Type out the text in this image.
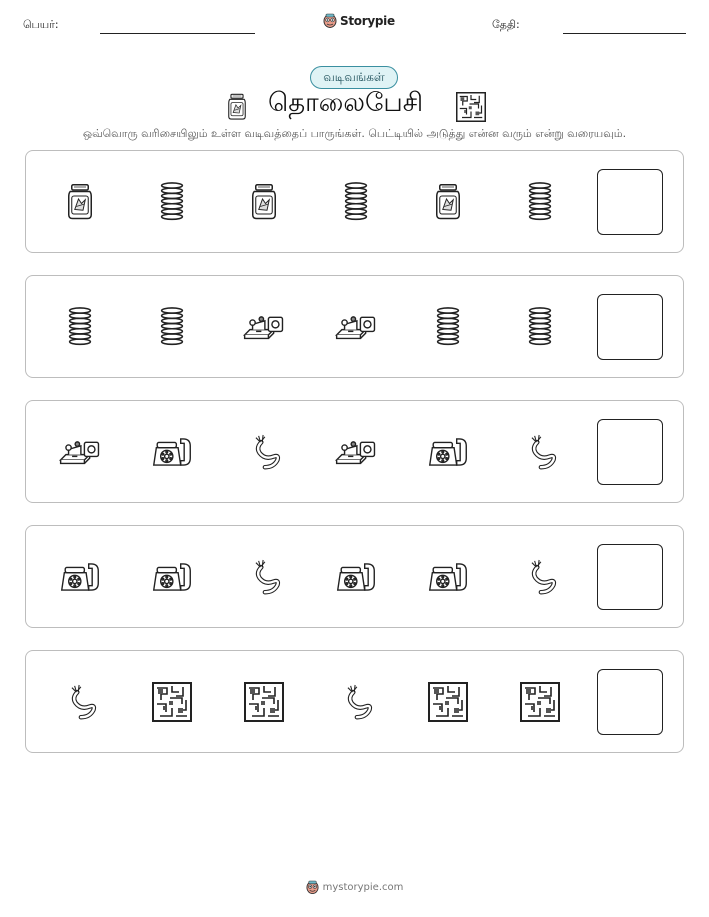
பெயர்:	Storypie	தேதி:
வடிவங்கள்
தொலைபேசி
ஒவ்வொரு வரிசையிலும் உள்ள வடிவத்தைப் பாருங்கள். பெட்டியில் அடுத்து என்ன வரும் என்று வரையவும்.
mystorypie.com
